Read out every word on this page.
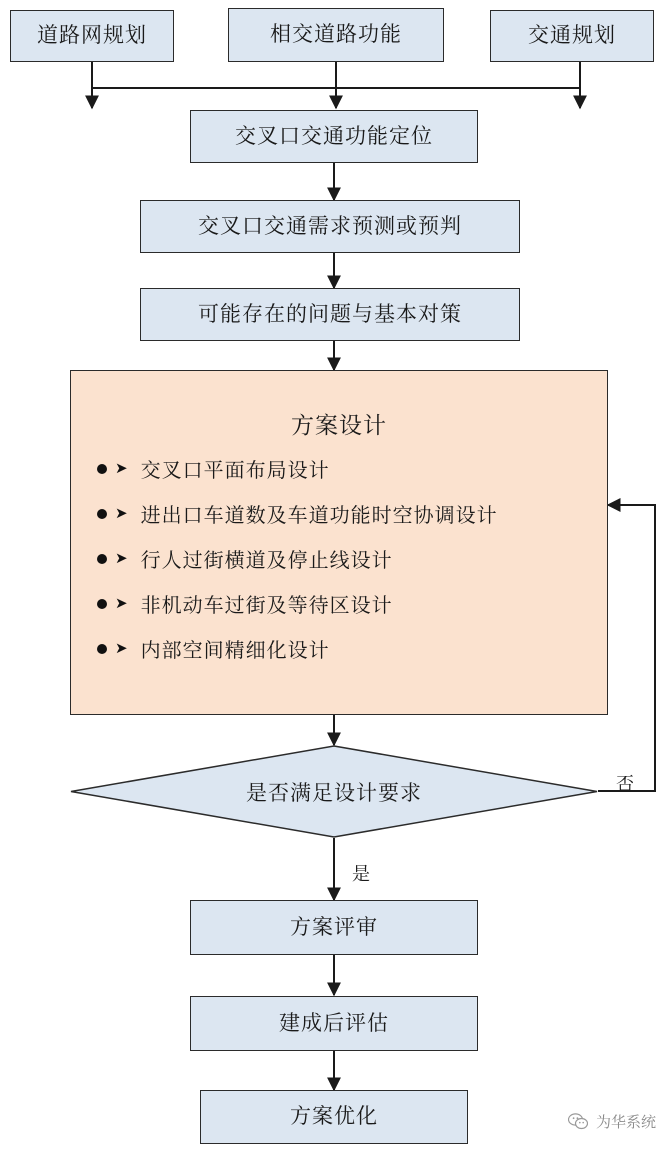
道路网规划	相交道路功能	交通规划
交叉口交通功能定位
交叉口交通需求预测或预判
可能存在的问题与基本对策
方案设计
➤ 交叉口平面布局设计
➤ 进出口车道数及车道功能时空协调设计
➤ 行人过街横道及停止线设计
➤ 非机动车过街及等待区设计
➤ 内部空间精细化设计
是否满足设计要求
是
否
方案评审
建成后评估
方案优化	为华系统
